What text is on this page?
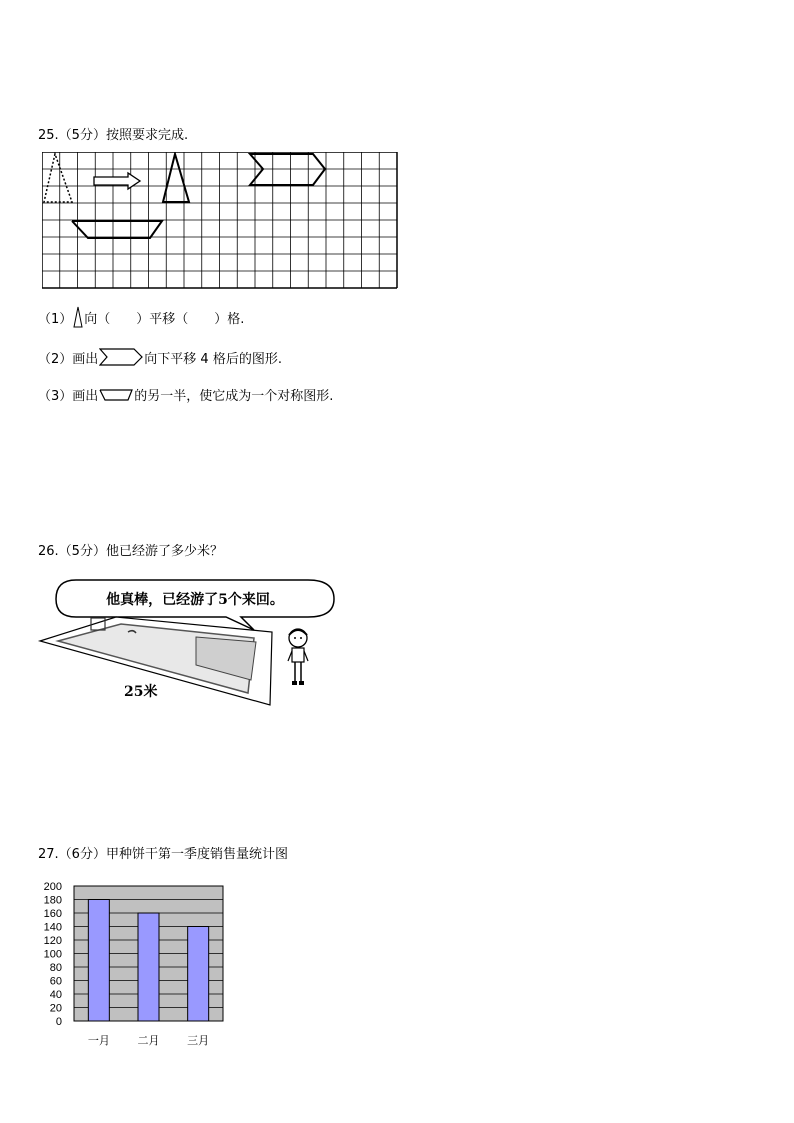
25.（5分）按照要求完成.
（1） 向（　　）平移（　　）格.
（2）画出	向下平移 4 格后的图形.
（3）画出	的另一半，使它成为一个对称图形.
26.（5分）他已经游了多少米？
他真棒，已经游了5个来回。
25米
27.（6分）甲种饼干第一季度销售量统计图
200
180
160
140
120
100
80
60
40
20
0
一月	二月	三月
